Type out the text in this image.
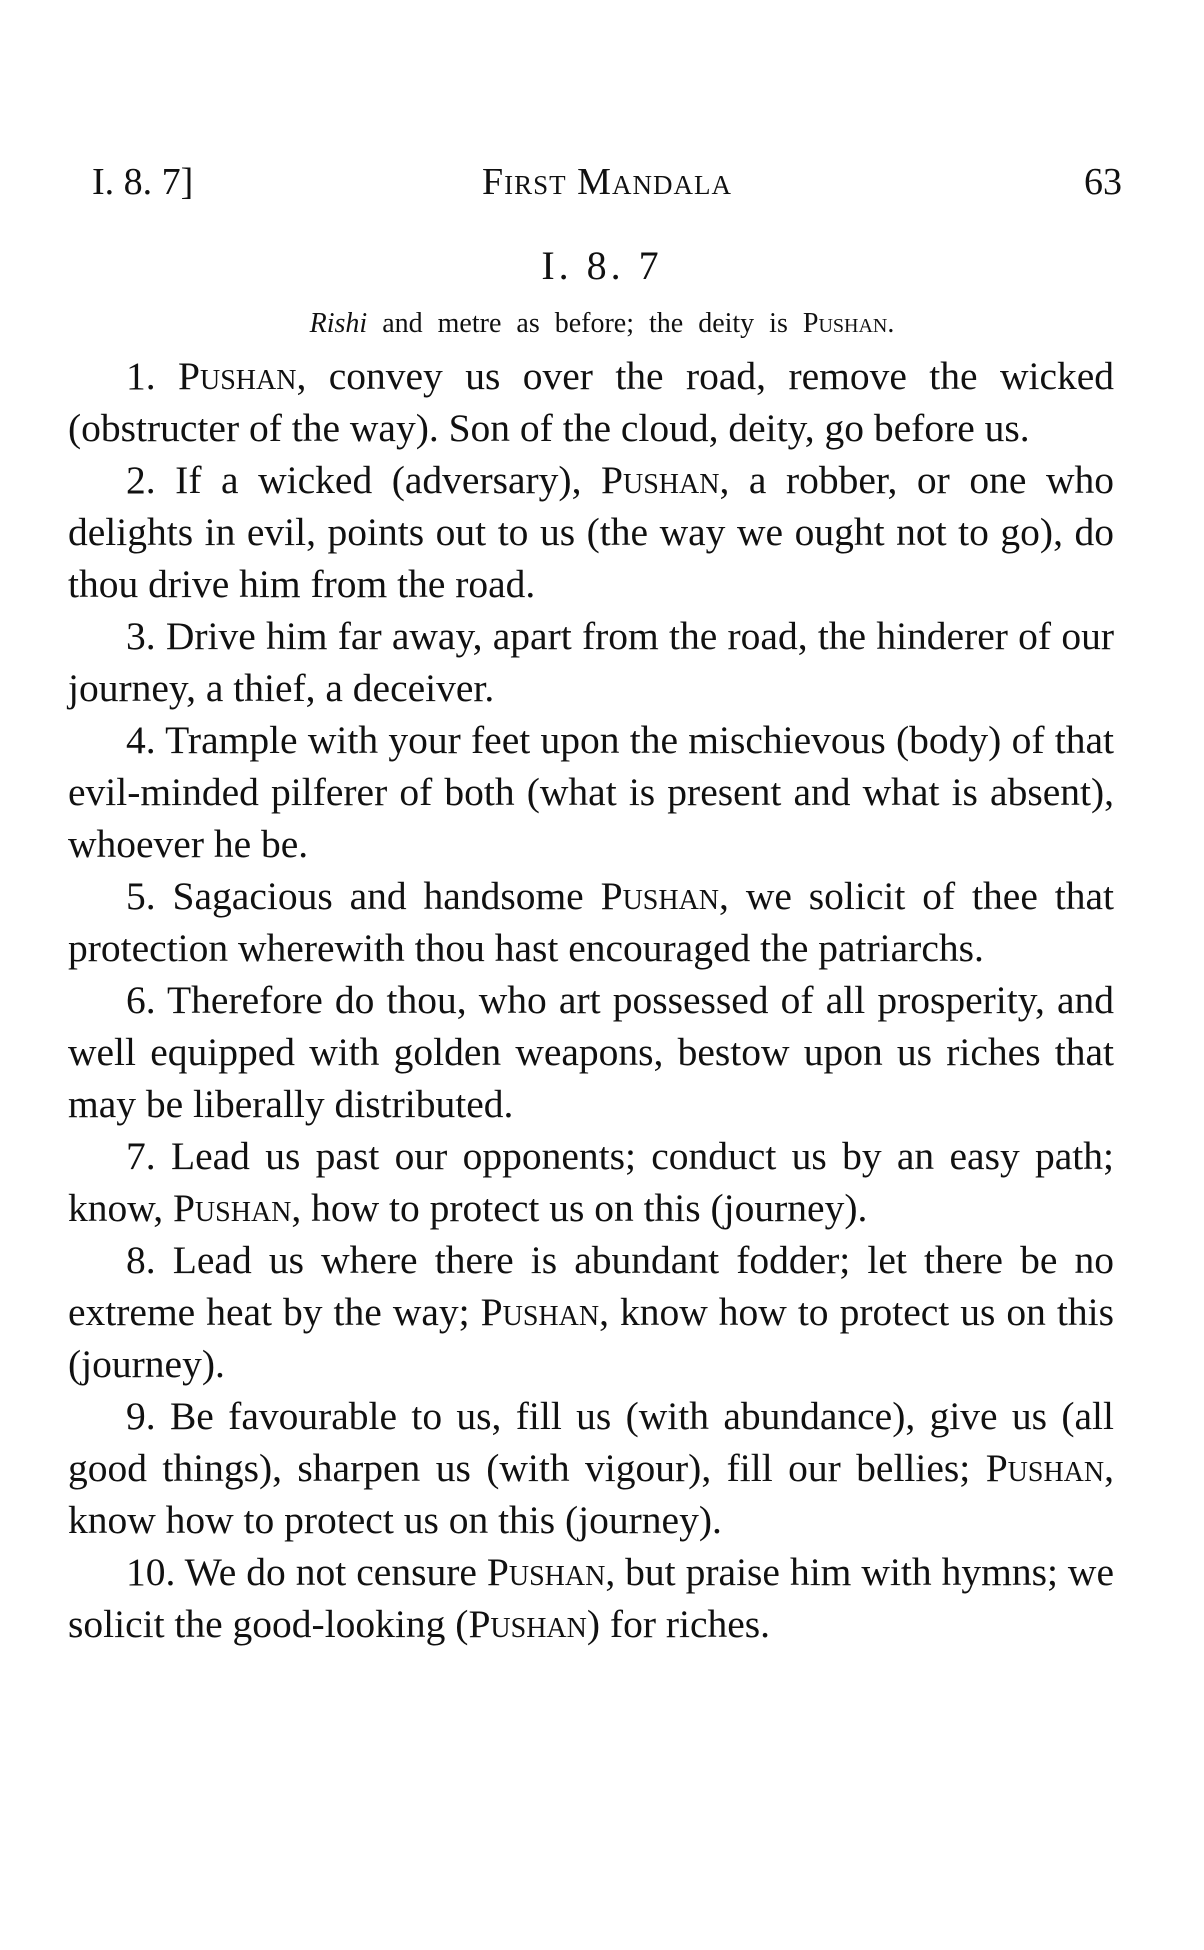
I. 8. 7]	First Mandala	63
I. 8. 7
Rishi and metre as before; the deity is Pushan.

1. Pushan, convey us over the road, remove the wicked (obstructer of the way). Son of the cloud, deity, go before us.

2. If a wicked (adversary), Pushan, a robber, or one who delights in evil, points out to us (the way we ought not to go), do thou drive him from the road.

3. Drive him far away, apart from the road, the hinderer of our journey, a thief, a deceiver.

4. Trample with your feet upon the mischievous (body) of that evil-minded pilferer of both (what is present and what is absent), whoever he be.

5. Sagacious and handsome Pushan, we solicit of thee that protection wherewith thou hast encouraged the patriarchs.

6. Therefore do thou, who art possessed of all prosperity, and well equipped with golden weapons, bestow upon us riches that may be liberally distributed.

7. Lead us past our opponents; conduct us by an easy path; know, Pushan, how to protect us on this (journey).

8. Lead us where there is abundant fodder; let there be no extreme heat by the way; Pushan, know how to protect us on this (journey).

9. Be favourable to us, fill us (with abundance), give us (all good things), sharpen us (with vigour), fill our bellies; Pushan, know how to protect us on this (journey).

10. We do not censure Pushan, but praise him with hymns; we solicit the good-looking (Pushan) for riches.
